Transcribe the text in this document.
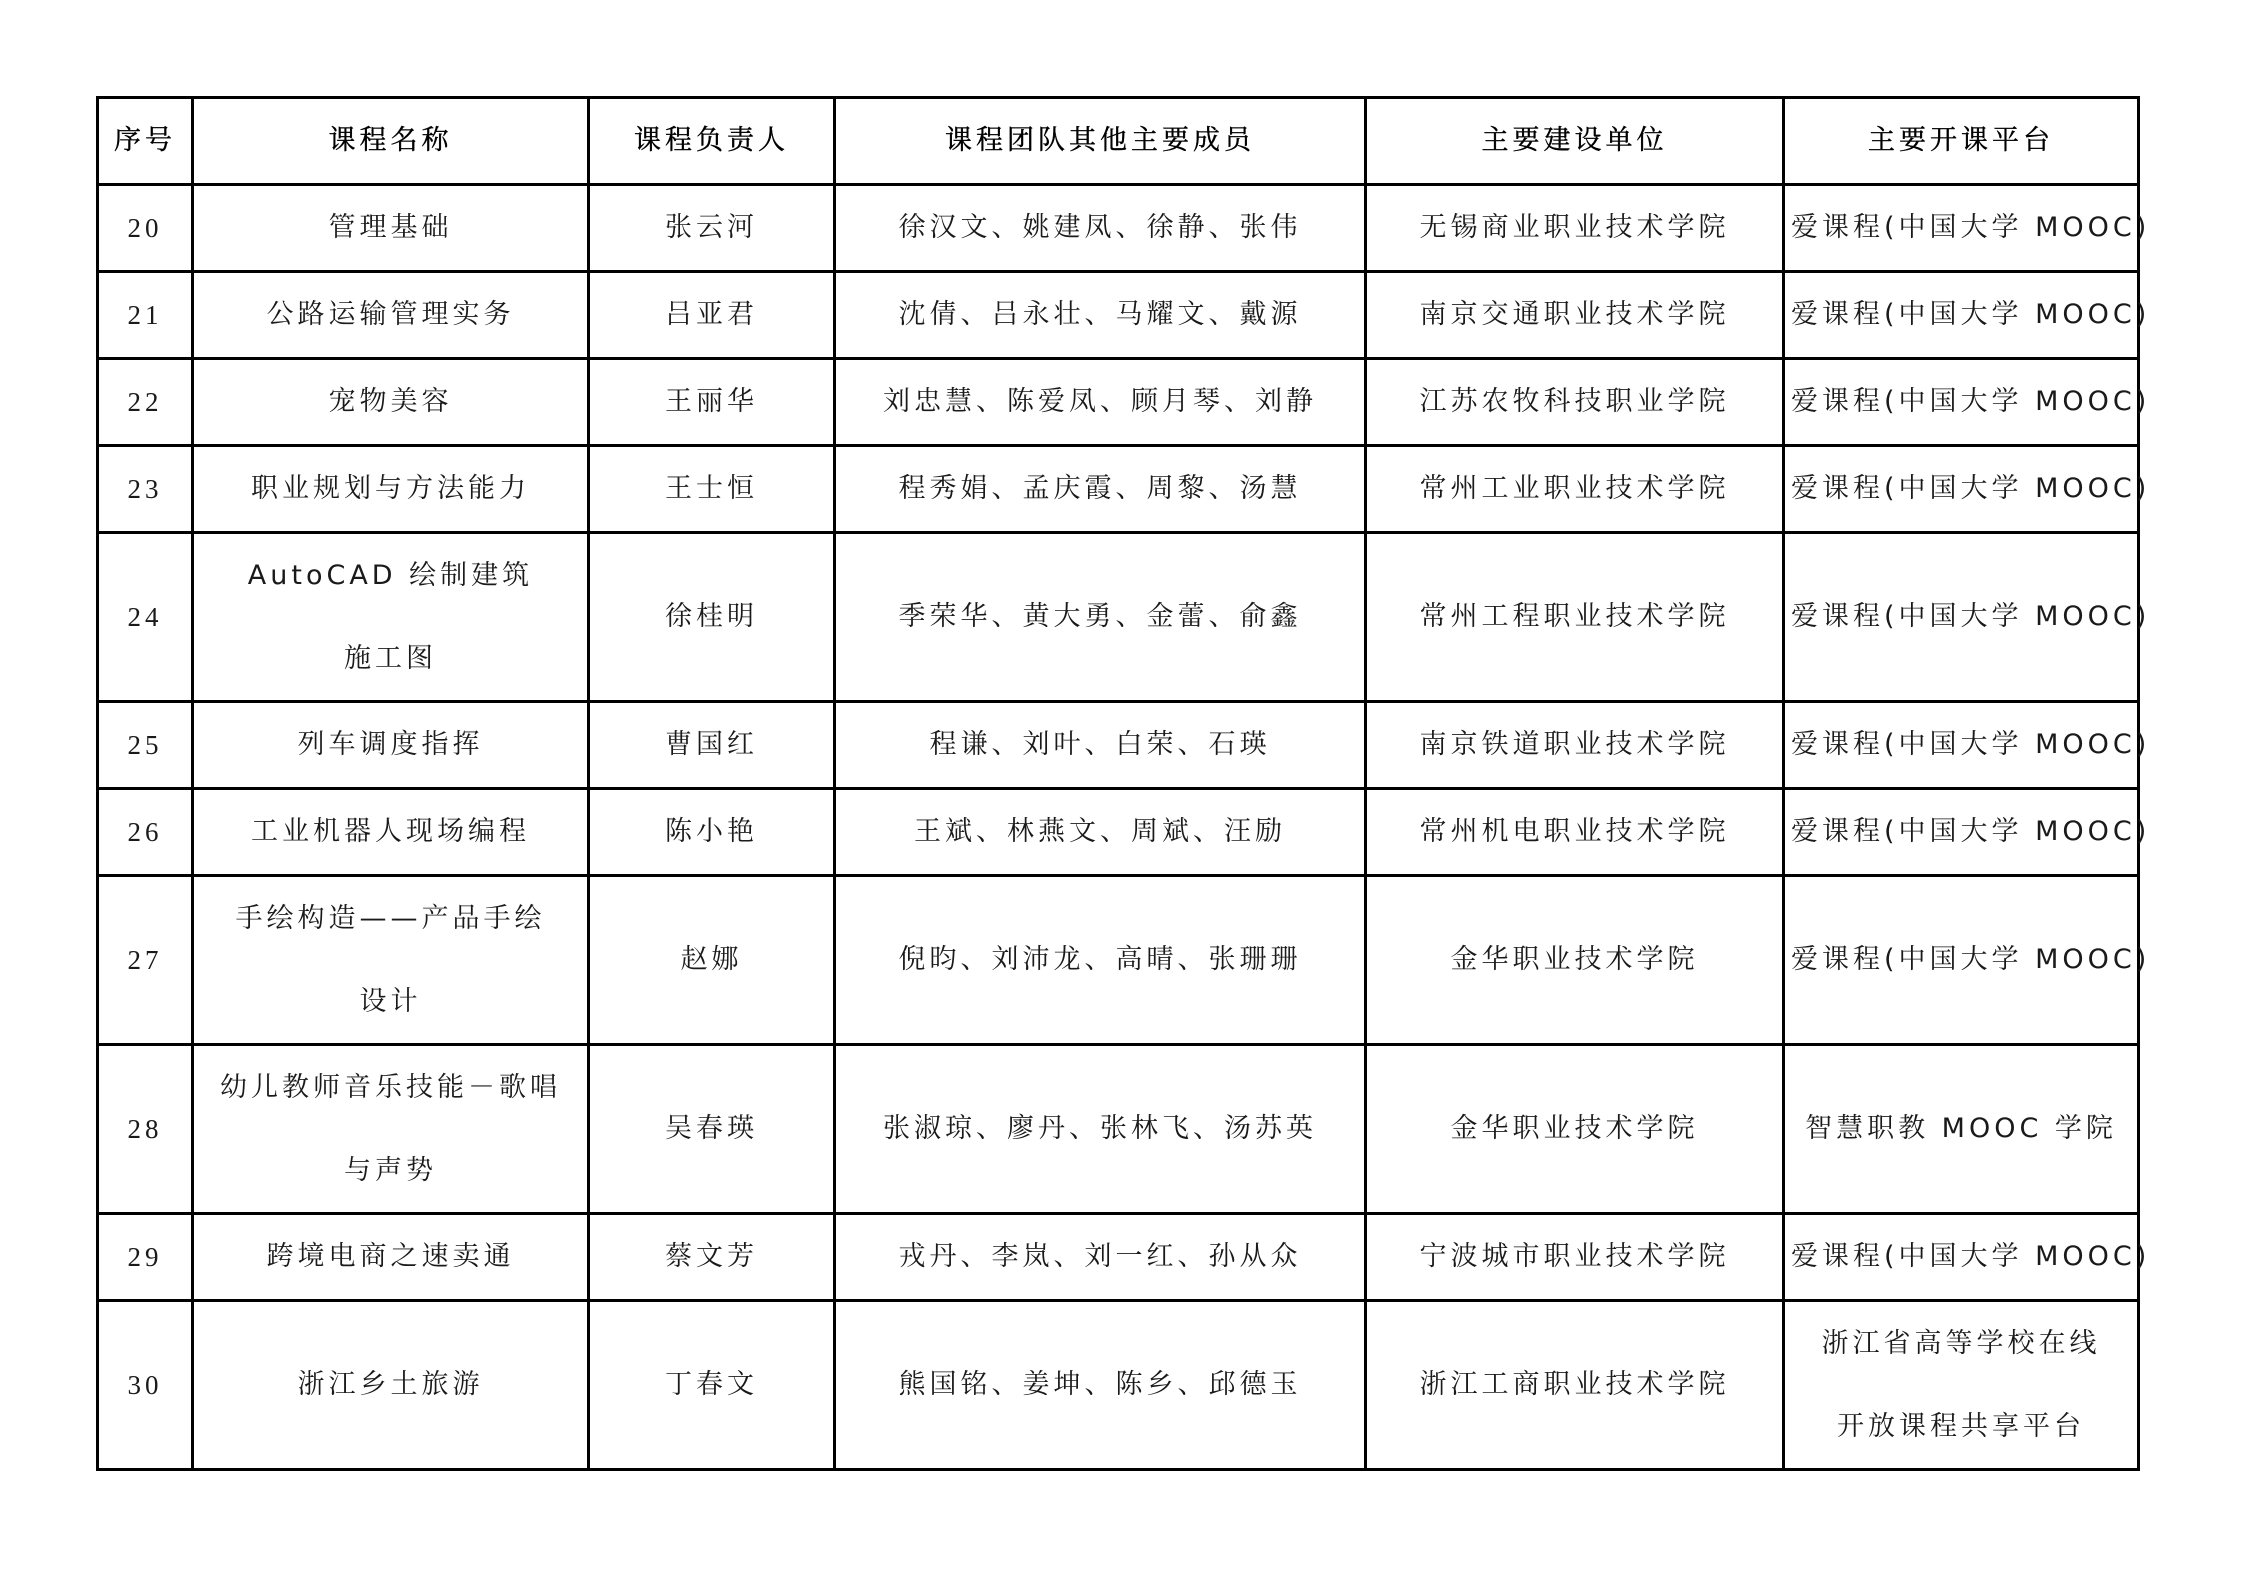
序号	课程名称	课程负责人	课程团队其他主要成员	主要建设单位	主要开课平台
20	管理基础	张云河	徐汉文、姚建凤、徐静、张伟	无锡商业职业技术学院	爱课程(中国大学 MOOC)

21	公路运输管理实务	吕亚君	沈倩、吕永壮、马耀文、戴源	南京交通职业技术学院	爱课程(中国大学 MOOC)

22	宠物美容	王丽华	刘忠慧、陈爱凤、顾月琴、刘静	江苏农牧科技职业学院	爱课程(中国大学 MOOC)

23	职业规划与方法能力	王士恒	程秀娟、孟庆霞、周黎、汤慧	常州工业职业技术学院	爱课程(中国大学 MOOC)

24	AutoCAD 绘制建筑
施工图	徐桂明	季荣华、黄大勇、金蕾、俞鑫	常州工程职业技术学院	爱课程(中国大学 MOOC)

25	列车调度指挥	曹国红	程谦、刘叶、白荣、石瑛	南京铁道职业技术学院	爱课程(中国大学 MOOC)

26	工业机器人现场编程	陈小艳	王斌、林燕文、周斌、汪励	常州机电职业技术学院	爱课程(中国大学 MOOC)

27	手绘构造——产品手绘
设计	赵娜	倪昀、刘沛龙、高晴、张珊珊	金华职业技术学院	爱课程(中国大学 MOOC)

28	幼儿教师音乐技能－歌唱
与声势	吴春瑛	张淑琼、廖丹、张林飞、汤苏英	金华职业技术学院	智慧职教 MOOC 学院

29	跨境电商之速卖通	蔡文芳	戎丹、李岚、刘一红、孙从众	宁波城市职业技术学院	爱课程(中国大学 MOOC)

30	浙江乡土旅游	丁春文	熊国铭、姜坤、陈乡、邱德玉	浙江工商职业技术学院	浙江省高等学校在线
开放课程共享平台
